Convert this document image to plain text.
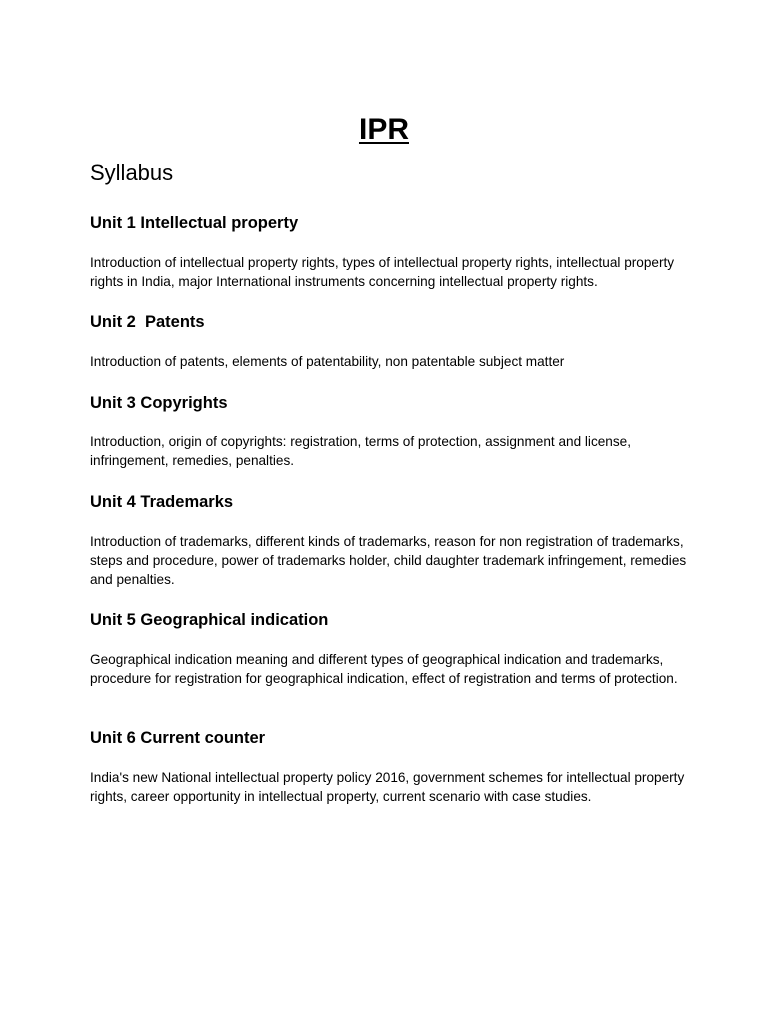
IPR
Syllabus
Unit 1 Intellectual property

Introduction of intellectual property rights, types of intellectual property rights, intellectual property rights in India, major International instruments concerning intellectual property rights.

Unit 2  Patents

Introduction of patents, elements of patentability, non patentable subject matter

Unit 3 Copyrights

Introduction, origin of copyrights: registration, terms of protection, assignment and license, infringement, remedies, penalties.

Unit 4 Trademarks

Introduction of trademarks, different kinds of trademarks, reason for non registration of trademarks, steps and procedure, power of trademarks holder, child daughter trademark infringement, remedies and penalties.

Unit 5 Geographical indication

Geographical indication meaning and different types of geographical indication and trademarks, procedure for registration for geographical indication, effect of registration and terms of protection.

Unit 6 Current counter

India's new National intellectual property policy 2016, government schemes for intellectual property rights, career opportunity in intellectual property, current scenario with case studies.
